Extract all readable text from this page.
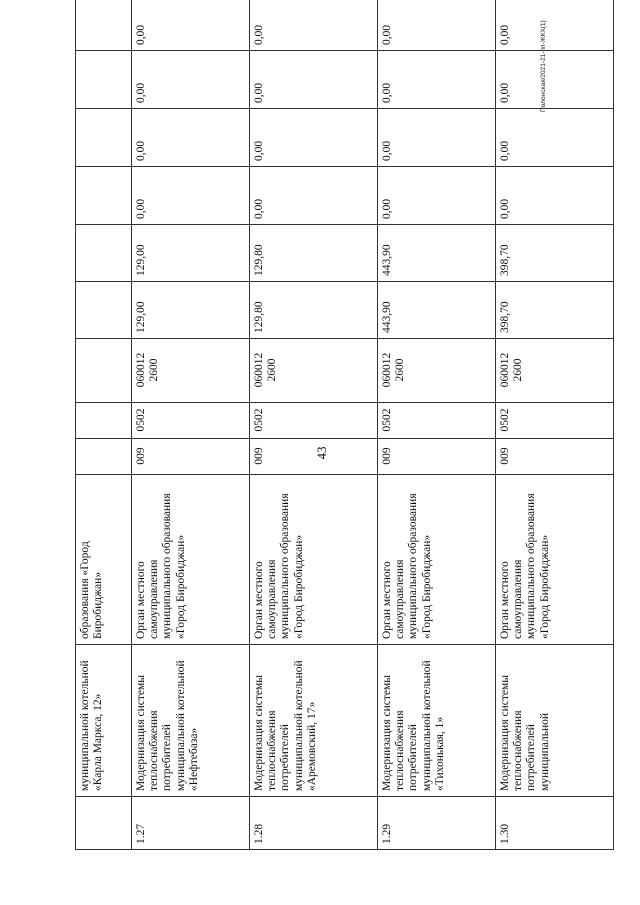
43
Полонская/2021-21-пп-ЖКХ(1)
	муниципальной котельной «Карла Маркса, 12»	образования «Город Биробиджан»										
1.27	Модернизация системы теплоснабжения потребителей муниципальной котельной «Нефтебаза»	Орган местного самоуправления муниципального образования «Город Биробиджан»	009	0502	060012 2600	129,00	129,00	0,00	0,00	0,00	0,00	
1.28	Модернизация системы теплоснабжения потребителей муниципальной котельной «Аремовский, 17»	Орган местного самоуправления муниципального образования «Город Биробиджан»	009	0502	060012 2600	129,80	129,80	0,00	0,00	0,00	0,00	
1.29	Модернизация системы теплоснабжения потребителей муниципальной котельной «Тихонькая, 1»	Орган местного самоуправления муниципального образования «Город Биробиджан»	009	0502	060012 2600	443,90	443,90	0,00	0,00	0,00	0,00	
1.30	Модернизация системы теплоснабжения потребителей муниципальной	Орган местного самоуправления муниципального образования «Город Биробиджан»	009	0502	060012 2600	398,70	398,70	0,00	0,00	0,00	0,00	
